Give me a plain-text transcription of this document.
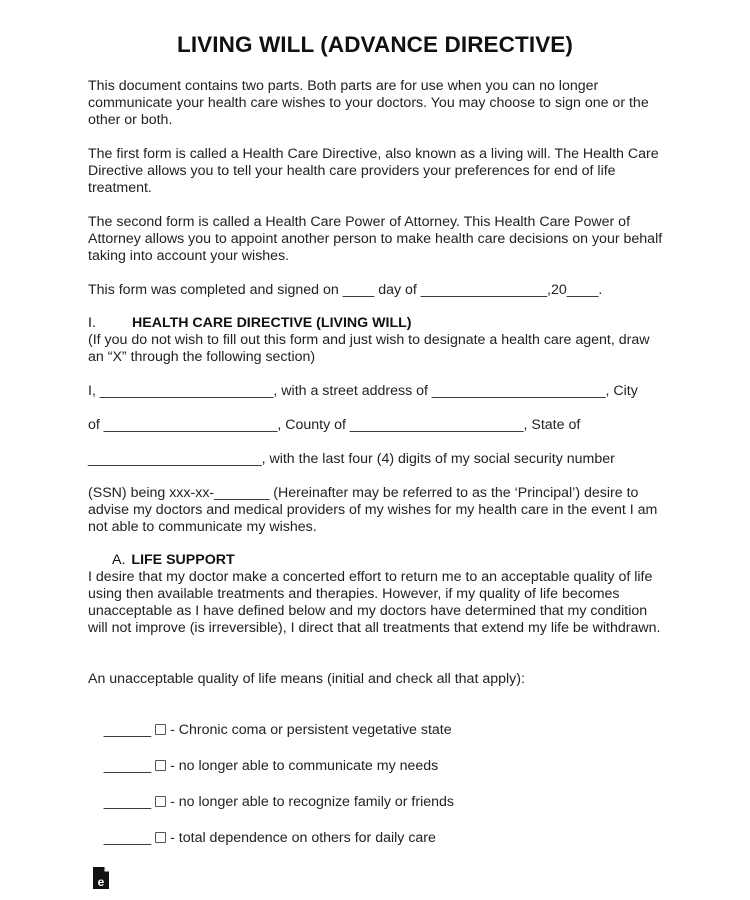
LIVING WILL (ADVANCE DIRECTIVE)
This document contains two parts. Both parts are for use when you can no longer communicate your health care wishes to your doctors. You may choose to sign one or the other or both.
The first form is called a Health Care Directive, also known as a living will. The Health Care Directive allows you to tell your health care providers your preferences for end of life treatment.
The second form is called a Health Care Power of Attorney. This Health Care Power of Attorney allows you to appoint another person to make health care decisions on your behalf taking into account your wishes.
This form was completed and signed on ____ day of ________________,20____.
I.	HEALTH CARE DIRECTIVE (LIVING WILL)
(If you do not wish to fill out this form and just wish to designate a health care agent, draw an “X” through the following section)
I, ______________________, with a street address of ______________________, City
of ______________________, County of ______________________, State of
______________________, with the last four (4) digits of my social security number
(SSN) being xxx-xx-_______ (Hereinafter may be referred to as the ‘Principal’) desire to advise my doctors and medical providers of my wishes for my health care in the event I am not able to communicate my wishes.
A. LIFE SUPPORT
I desire that my doctor make a concerted effort to return me to an acceptable quality of life using then available treatments and therapies. However, if my quality of life becomes unacceptable as I have defined below and my doctors have determined that my condition will not improve (is irreversible), I direct that all treatments that extend my life be withdrawn.
An unacceptable quality of life means (initial and check all that apply):

______ - Chronic coma or persistent vegetative state

______ - no longer able to communicate my needs

______ - no longer able to recognize family or friends

______ - total dependence on others for daily care

e
